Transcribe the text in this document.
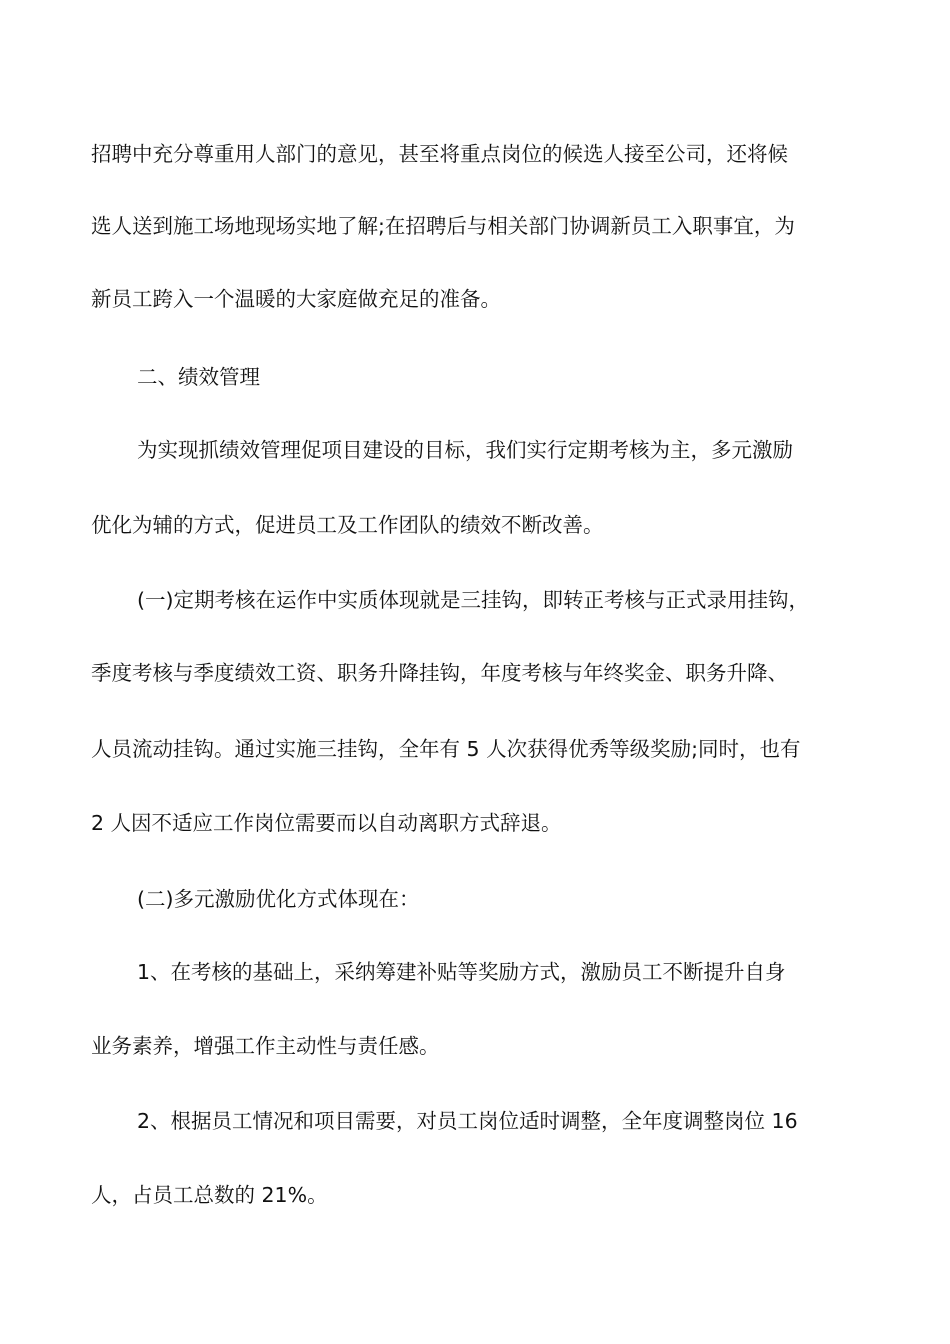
招聘中充分尊重用人部门的意见，甚至将重点岗位的候选人接至公司，还将候
选人送到施工场地现场实地了解;在招聘后与相关部门协调新员工入职事宜，为
新员工跨入一个温暖的大家庭做充足的准备。
二、绩效管理
为实现抓绩效管理促项目建设的目标，我们实行定期考核为主，多元激励
优化为辅的方式，促进员工及工作团队的绩效不断改善。
(一)定期考核在运作中实质体现就是三挂钩，即转正考核与正式录用挂钩，
季度考核与季度绩效工资、职务升降挂钩，年度考核与年终奖金、职务升降、
人员流动挂钩。通过实施三挂钩，全年有 5 人次获得优秀等级奖励;同时，也有
2 人因不适应工作岗位需要而以自动离职方式辞退。
(二)多元激励优化方式体现在：
1、在考核的基础上，采纳筹建补贴等奖励方式，激励员工不断提升自身
业务素养，增强工作主动性与责任感。
2、根据员工情况和项目需要，对员工岗位适时调整，全年度调整岗位 16
人，占员工总数的 21%。
